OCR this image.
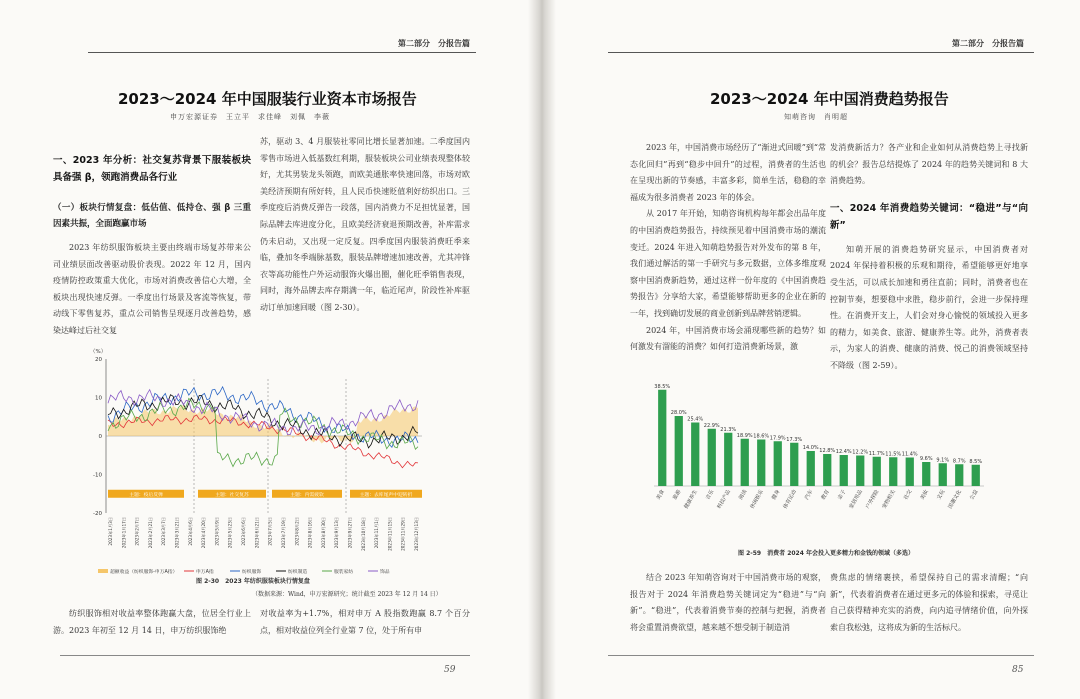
第二部分　分报告篇
2023～2024 年中国服装行业资本市场报告
申万宏源证券　王立平　求佳峰　刘佩　李薇
一、2023 年分析：社交复苏背景下服装板块具备强 β，领跑消费品各行业
（一）板块行情复盘：低估值、低持仓、强 β 三重因素共振，全面跑赢市场

2023 年纺织服饰板块主要由终端市场复苏带来公司业绩层面改善驱动股价表现。2022 年 12 月，国内疫情防控政策重大优化，市场对消费改善信心大增，全板块出现快速反弹。一季度出行场景及客流等恢复，带动线下零售复苏，重点公司销售呈现逐月改善趋势，感染达峰过后社交复

苏，驱动 3、4 月服装社零同比增长显著加速。二季度国内零售市场进入低基数红利期，服装板块公司业绩表现整体较好，尤其男装龙头领跑，而欧美通胀率快速回落，市场对欧美经济预期有所好转，且人民币快速贬值利好纺织出口。三季度疫后消费反弹告一段落，国内消费力不足担忧显著，国际品牌去库进度分化，且欧美经济衰退预期改善，补库需求仍未启动，又出现一定反复。四季度国内服装消费旺季来临，叠加冬季端脉基数，服装品牌增速加速改善，尤其冲锋衣等高功能性户外运动服饰火爆出圈，催化旺季销售表现，同时，海外品牌去库存期满一年，临近尾声，阶段性补库驱动订单加速回暖（图 2-30）。

（%）
20
10
0
-10
-20
主题：疫后反弹	主题：社交复苏	主题：内需疲软	主题：去库尾声中迎转折
2023年1月3日 2023年1月17日 2023年2月7日 2023年2月21日 2023年3月7日 2023年3月21日 2023年4月6日 2023年4月20日 2023年5月9日 2023年5月23日 2023年6月6日 2023年6月21日 2023年7月5日 2023年7月19日 2023年8月2日 2023年8月16日 2023年8月30日 2023年9月13日 2023年9月27日 2023年10月18日 2023年11月1日 2023年11月15日 2023年11月29日 2023年12月13日
超额收益（纺织服饰-申万A指）	申万A指	纺织服饰	纺织制造	服装家纺	饰品
图 2-30　2023 年纺织服装板块行情复盘
（数据来源：Wind，申万宏源研究；统计截至 2023 年 12 月 14 日）

纺织服饰相对收益率整体跑赢大盘，位居全行业上游。2023 年初至 12 月 14 日，申万纺织服饰绝

对收益率为+1.7%，相对申万 A 股指数跑赢 8.7 个百分点，相对收益位列全行业第 7 位，处于所有申

59
第二部分　分报告篇
2023～2024 年中国消费趋势报告
知萌咨询　肖明超

2023 年，中国消费市场经历了“渐进式回暖”到“常态化回归”再到“稳步中回升”的过程，消费者的生活也在呈现出新的节奏感，丰富多彩，简单生活，稳稳的幸福成为很多消费者 2023 年的体会。

从 2017 年开始，知萌咨询机构每年都会出品年度的中国消费趋势报告，持续预见着中国消费市场的潮流变迁。2024 年进入知萌趋势报告对外发布的第 8 年，我们通过解活的第一手研究与多元数据，立体多维度观察中国消费新趋势，通过这样一份年度的《中国消费趋势报告》分享给大家，希望能够帮助更多的企业在新的一年，找到确切发展的商业创新到品牌营销逻辑。

2024 年，中国消费市场会涌现哪些新的趋势？如何激发有溜能的消费？如何打造消费新场景，激

发消费新活力？各产业和企业如何从消费趋势上寻找新的机会？报告总结提炼了 2024 年的趋势关键词和 8 大消费趋势。

一、2024 年消费趋势关键词：“稳进”与“向新”

知萌开展的消费趋势研究显示，中国消费者对 2024 年保持着积极的乐观和期待，希望能够更好地享受生活，可以成长加速和勇往直前；同时，消费者也在控制节奏，想要稳中求胜，稳步前行，会进一步保持理性。在消费开支上，人们会对身心愉悦的领域投入更多的精力，如美食、旅游、健康养生等。此外，消费者表示，为家人的消费、健康的消费、悦己的消费领域坚持不降级（图 2-59）。

38.5%
美食
28.0%
旅游
25.4%
健康养生
22.9%
音乐
21.3%
科技产品
18.9%
阅读
18.6%
休闲娱乐
17.9%
健身
17.3%
体育运动
14.0%
汽车
12.8%
教育
12.4%
亲子
12.2%
家居用品
11.7%
户外探险
11.5%
宠物相关
11.4%
社交
9.6%
美妆
9.1%
文玩
8.7%
国潮文化
8.5%
公益
图 2-59　消费者 2024 年会投入更多精力和金钱的领域（多选）

结合 2023 年知萌咨询对于中国消费市场的观察，报告对于 2024 年消费趋势关键词定为“稳进”与“向新”。“稳进”，代表着消费节奏的控制与把握，消费者将会重置消费欲望，越来越不想受制于制造消

费焦虑的情绪裹挟，希望保持自己的需求清醒；“向新”，代表着消费者在通过更多元的体验和探索，寻觅让自己获得精神充实的消费，向内追寻情绪价值，向外探索自我松弛，这将成为新的生活标尺。

85
